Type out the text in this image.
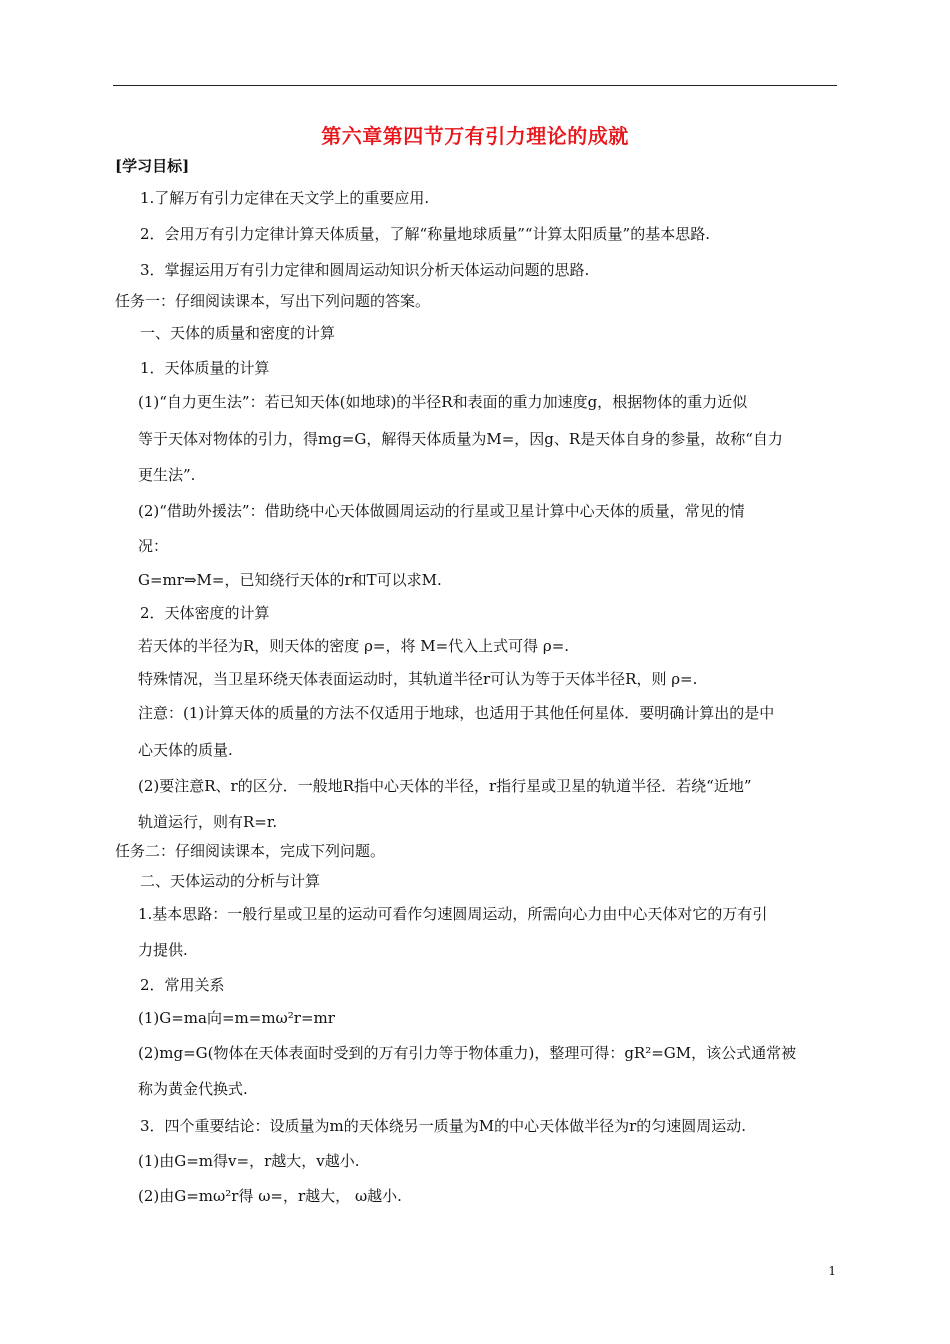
第六章第四节万有引力理论的成就
[学习目标]
1.了解万有引力定律在天文学上的重要应用.
2．会用万有引力定律计算天体质量，了解“称量地球质量”“计算太阳质量”的基本思路.
3．掌握运用万有引力定律和圆周运动知识分析天体运动问题的思路.
任务一：仔细阅读课本，写出下列问题的答案。
一、天体的质量和密度的计算
1．天体质量的计算
(1)“自力更生法”：若已知天体(如地球)的半径R和表面的重力加速度g，根据物体的重力近似
等于天体对物体的引力，得mg=G，解得天体质量为M=，因g、R是天体自身的参量，故称“自力
更生法”.
(2)“借助外援法”：借助绕中心天体做圆周运动的行星或卫星计算中心天体的质量，常见的情
况：
G=mr⇒M=，已知绕行天体的r和T可以求M.
2．天体密度的计算
若天体的半径为R，则天体的密度 ρ=，将 M=代入上式可得 ρ=.
特殊情况，当卫星环绕天体表面运动时，其轨道半径r可认为等于天体半径R，则 ρ=.
注意：(1)计算天体的质量的方法不仅适用于地球，也适用于其他任何星体．要明确计算出的是中
心天体的质量.
(2)要注意R、r的区分．一般地R指中心天体的半径，r指行星或卫星的轨道半径．若绕“近地”
轨道运行，则有R=r.
任务二：仔细阅读课本，完成下列问题。
二、天体运动的分析与计算
1.基本思路：一般行星或卫星的运动可看作匀速圆周运动，所需向心力由中心天体对它的万有引
力提供.
2．常用关系
(1)G=ma向=m=mω²r=mr
(2)mg=G(物体在天体表面时受到的万有引力等于物体重力)，整理可得：gR²=GM，该公式通常被
称为黄金代换式.
3．四个重要结论：设质量为m的天体绕另一质量为M的中心天体做半径为r的匀速圆周运动.
(1)由G=m得v=，r越大，v越小.
(2)由G=mω²r得 ω=，r越大， ω越小.
1
